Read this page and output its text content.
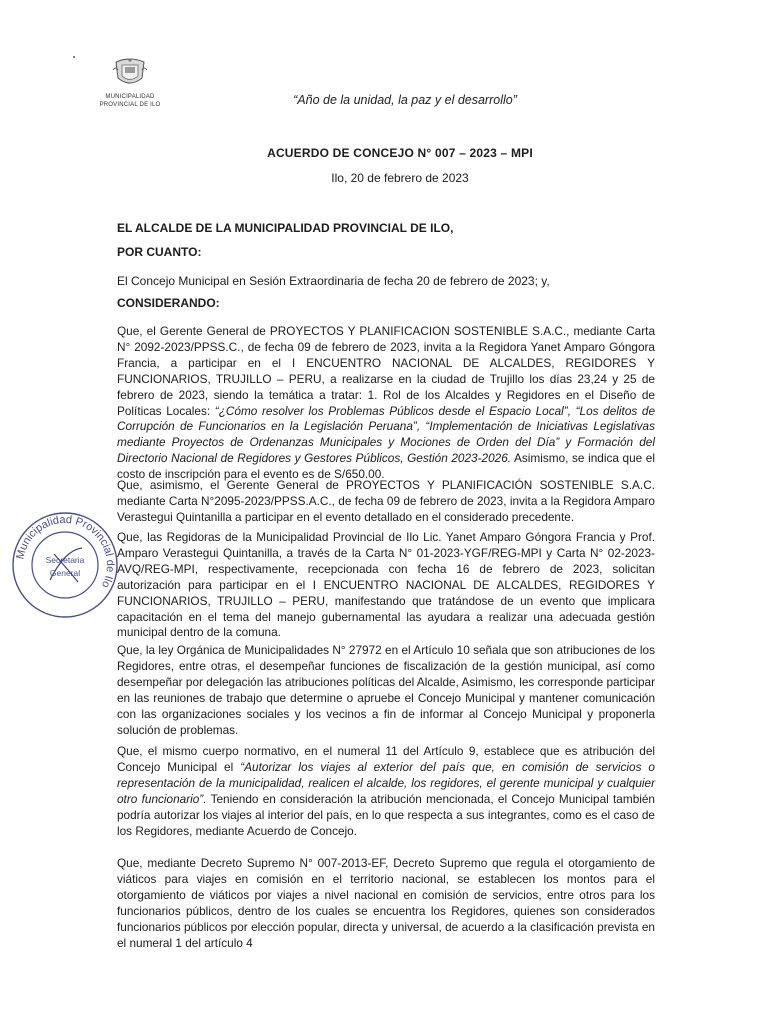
MUNICIPALIDAD PROVINCIAL DE ILO	“Año de la unidad, la paz y el desarrollo”
ACUERDO DE CONCEJO N° 007 – 2023 – MPI
Ilo, 20 de febrero de 2023
EL ALCALDE DE LA MUNICIPALIDAD PROVINCIAL DE ILO,
POR CUANTO:
El Concejo Municipal en Sesión Extraordinaria de fecha 20 de febrero de 2023; y,
CONSIDERANDO:

Que, el Gerente General de PROYECTOS Y PLANIFICACION SOSTENIBLE S.A.C., mediante Carta N° 2092-2023/PPSS.C., de fecha 09 de febrero de 2023, invita a la Regidora Yanet Amparo Góngora Francia, a participar en el I ENCUENTRO NACIONAL DE ALCALDES, REGIDORES Y FUNCIONARIOS, TRUJILLO – PERU, a realizarse en la ciudad de Trujillo los días 23,24 y 25 de febrero de 2023, siendo la temática a tratar: 1. Rol de los Alcaldes y Regidores en el Diseño de Políticas Locales: “¿Cómo resolver los Problemas Públicos desde el Espacio Local”, “Los delitos de Corrupción de Funcionarios en la Legislación Peruana”, “Implementación de Iniciativas Legislativas mediante Proyectos de Ordenanzas Municipales y Mociones de Orden del Día” y Formación del Directorio Nacional de Regidores y Gestores Públicos, Gestión 2023-2026. Asimismo, se indica que el costo de inscripción para el evento es de S/650.00.

Que, asimismo, el Gerente General de PROYECTOS Y PLANIFICACIÓN SOSTENIBLE S.A.C. mediante Carta N°2095-2023/PPSS.A.C., de fecha 09 de febrero de 2023, invita a la Regidora Amparo Verastegui Quintanilla a participar en el evento detallado en el considerado precedente.

Que, las Regidoras de la Municipalidad Provincial de Ilo Lic. Yanet Amparo Góngora Francia y Prof. Amparo Verastegui Quintanilla, a través de la Carta N° 01-2023-YGF/REG-MPI y Carta N° 02-2023-AVQ/REG-MPI, respectivamente, recepcionada con fecha 16 de febrero de 2023, solicitan autorización para participar en el I ENCUENTRO NACIONAL DE ALCALDES, REGIDORES Y FUNCIONARIOS, TRUJILLO – PERU, manifestando que tratándose de un evento que implicara capacitación en el tema del manejo gubernamental las ayudara a realizar una adecuada gestión municipal dentro de la comuna.

Que, la ley Orgánica de Municipalidades N° 27972 en el Artículo 10 señala que son atribuciones de los Regidores, entre otras, el desempeñar funciones de fiscalización de la gestión municipal, así como desempeñar por delegación las atribuciones políticas del Alcalde, Asimismo, les corresponde participar en las reuniones de trabajo que determine o apruebe el Concejo Municipal y mantener comunicación con las organizaciones sociales y los vecinos a fin de informar al Concejo Municipal y proponerla solución de problemas.

Que, el mismo cuerpo normativo, en el numeral 11 del Artículo 9, establece que es atribución del Concejo Municipal el “Autorizar los viajes al exterior del país que, en comisión de servicios o representación de la municipalidad, realicen el alcalde, los regidores, el gerente municipal y cualquier otro funcionario”. Teniendo en consideración la atribución mencionada, el Concejo Municipal también podría autorizar los viajes al interior del país, en lo que respecta a sus integrantes, como es el caso de los Regidores, mediante Acuerdo de Concejo.

Que, mediante Decreto Supremo N° 007-2013-EF, Decreto Supremo que regula el otorgamiento de viáticos para viajes en comisión en el territorio nacional, se establecen los montos para el otorgamiento de viáticos por viajes a nivel nacional en comisión de servicios, entre otros para los funcionarios públicos, dentro de los cuales se encuentra los Regidores, quienes son considerados funcionarios públicos por elección popular, directa y universal, de acuerdo a la clasificación prevista en el numeral 1 del artículo 4

Municipalidad Provincial de Ilo
Secretaria
General
